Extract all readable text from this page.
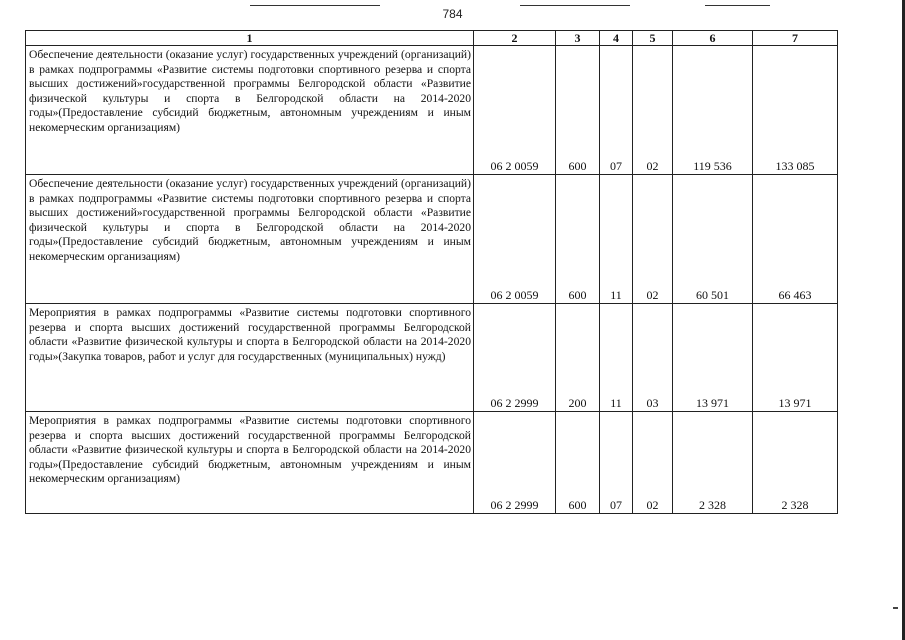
784
1	2	3	4	5	6	7
Обеспечение деятельности (оказание услуг) государственных учреждений (организаций) в рамках подпрограммы «Развитие системы подготовки спортивного резерва и спорта высших достижений»государственной программы Белгородской области «Развитие физической культуры и спорта в Белгородской области на 2014-2020 годы»(Предоставление субсидий бюджетным, автономным учреждениям и иным некомерческим организациям)	06 2 0059	600	07	02	119 536	133 085
Обеспечение деятельности (оказание услуг) государственных учреждений (организаций) в рамках подпрограммы «Развитие системы подготовки спортивного резерва и спорта высших достижений»государственной программы Белгородской области «Развитие физической культуры и спорта в Белгородской области на 2014-2020 годы»(Предоставление субсидий бюджетным, автономным учреждениям и иным некомерческим организациям)	06 2 0059	600	11	02	60 501	66 463
Мероприятия в рамках подпрограммы «Развитие системы подготовки спортивного резерва и спорта высших достижений государственной программы Белгородской области «Развитие физической культуры и спорта в Белгородской области на 2014-2020 годы»(Закупка товаров, работ и услуг для государственных (муниципальных) нужд)	06 2 2999	200	11	03	13 971	13 971
Мероприятия в рамках подпрограммы «Развитие системы подготовки спортивного резерва и спорта высших достижений государственной программы Белгородской области «Развитие физической культуры и спорта в Белгородской области на 2014-2020 годы»(Предоставление субсидий бюджетным, автономным учреждениям и иным некомерческим организациям)	06 2 2999	600	07	02	2 328	2 328
